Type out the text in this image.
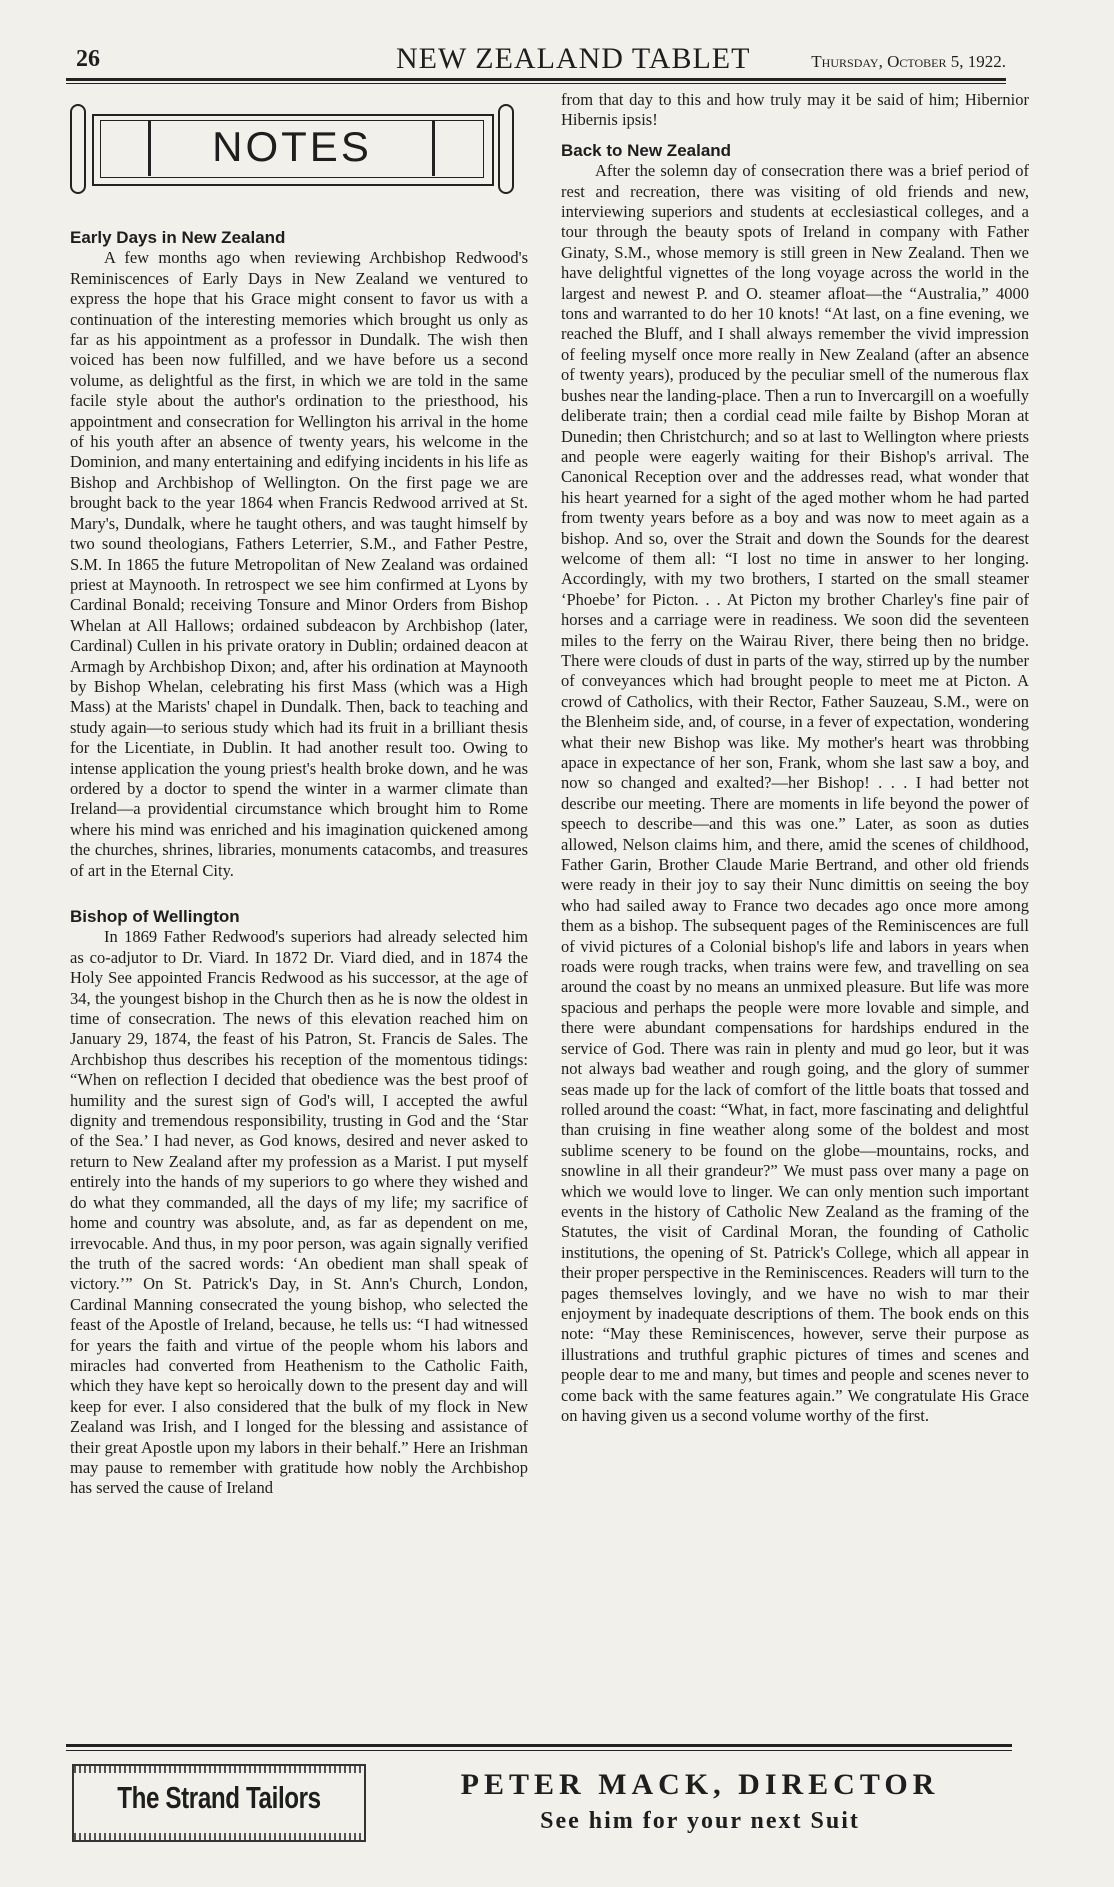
26	NEW ZEALAND TABLET	Thursday, October 5, 1922.
NOTES
Early Days in New Zealand

A few months ago when reviewing Archbishop Redwood's Reminiscences of Early Days in New Zealand we ventured to express the hope that his Grace might consent to favor us with a continuation of the interesting memories which brought us only as far as his appointment as a professor in Dundalk. The wish then voiced has been now fulfilled, and we have before us a second volume, as delightful as the first, in which we are told in the same facile style about the author's ordination to the priesthood, his appointment and consecration for Wellington his arrival in the home of his youth after an absence of twenty years, his welcome in the Dominion, and many entertaining and edifying incidents in his life as Bishop and Archbishop of Wellington. On the first page we are brought back to the year 1864 when Francis Redwood arrived at St. Mary's, Dundalk, where he taught others, and was taught himself by two sound theologians, Fathers Leterrier, S.M., and Father Pestre, S.M. In 1865 the future Metropolitan of New Zealand was ordained priest at Maynooth. In retrospect we see him confirmed at Lyons by Cardinal Bonald; receiving Tonsure and Minor Orders from Bishop Whelan at All Hallows; ordained subdeacon by Archbishop (later, Cardinal) Cullen in his private oratory in Dublin; ordained deacon at Armagh by Archbishop Dixon; and, after his ordination at Maynooth by Bishop Whelan, celebrating his first Mass (which was a High Mass) at the Marists' chapel in Dundalk. Then, back to teaching and study again—to serious study which had its fruit in a brilliant thesis for the Licentiate, in Dublin. It had another result too. Owing to intense application the young priest's health broke down, and he was ordered by a doctor to spend the winter in a warmer climate than Ireland—a providential circumstance which brought him to Rome where his mind was enriched and his imagination quickened among the churches, shrines, libraries, monuments catacombs, and treasures of art in the Eternal City.

Bishop of Wellington

In 1869 Father Redwood's superiors had already selected him as co-adjutor to Dr. Viard. In 1872 Dr. Viard died, and in 1874 the Holy See appointed Francis Redwood as his successor, at the age of 34, the youngest bishop in the Church then as he is now the oldest in time of consecration. The news of this elevation reached him on January 29, 1874, the feast of his Patron, St. Francis de Sales. The Archbishop thus describes his reception of the momentous tidings: “When on reflection I decided that obedience was the best proof of humility and the surest sign of God's will, I accepted the awful dignity and tremendous responsibility, trusting in God and the ‘Star of the Sea.’ I had never, as God knows, desired and never asked to return to New Zealand after my profession as a Marist. I put myself entirely into the hands of my superiors to go where they wished and do what they commanded, all the days of my life; my sacrifice of home and country was absolute, and, as far as dependent on me, irrevocable. And thus, in my poor person, was again signally verified the truth of the sacred words: ‘An obedient man shall speak of victory.’” On St. Patrick's Day, in St. Ann's Church, London, Cardinal Manning consecrated the young bishop, who selected the feast of the Apostle of Ireland, because, he tells us: “I had witnessed for years the faith and virtue of the people whom his labors and miracles had converted from Heathenism to the Catholic Faith, which they have kept so heroically down to the present day and will keep for ever. I also considered that the bulk of my flock in New Zealand was Irish, and I longed for the blessing and assistance of their great Apostle upon my labors in their behalf.” Here an Irishman may pause to remember with gratitude how nobly the Archbishop has served the cause of Ireland

from that day to this and how truly may it be said of him; Hibernior Hibernis ipsis!

Back to New Zealand

After the solemn day of consecration there was a brief period of rest and recreation, there was visiting of old friends and new, interviewing superiors and students at ecclesiastical colleges, and a tour through the beauty spots of Ireland in company with Father Ginaty, S.M., whose memory is still green in New Zealand. Then we have delightful vignettes of the long voyage across the world in the largest and newest P. and O. steamer afloat—the “Australia,” 4000 tons and warranted to do her 10 knots! “At last, on a fine evening, we reached the Bluff, and I shall always remember the vivid impression of feeling myself once more really in New Zealand (after an absence of twenty years), produced by the peculiar smell of the numerous flax bushes near the landing-place. Then a run to Invercargill on a woefully deliberate train; then a cordial cead mile failte by Bishop Moran at Dunedin; then Christchurch; and so at last to Wellington where priests and people were eagerly waiting for their Bishop's arrival. The Canonical Reception over and the addresses read, what wonder that his heart yearned for a sight of the aged mother whom he had parted from twenty years before as a boy and was now to meet again as a bishop. And so, over the Strait and down the Sounds for the dearest welcome of them all: “I lost no time in answer to her longing. Accordingly, with my two brothers, I started on the small steamer ‘Phoebe’ for Picton. . . At Picton my brother Charley's fine pair of horses and a carriage were in readiness. We soon did the seventeen miles to the ferry on the Wairau River, there being then no bridge. There were clouds of dust in parts of the way, stirred up by the number of conveyances which had brought people to meet me at Picton. A crowd of Catholics, with their Rector, Father Sauzeau, S.M., were on the Blenheim side, and, of course, in a fever of expectation, wondering what their new Bishop was like. My mother's heart was throbbing apace in expectance of her son, Frank, whom she last saw a boy, and now so changed and exalted?—her Bishop! . . . I had better not describe our meeting. There are moments in life beyond the power of speech to describe—and this was one.” Later, as soon as duties allowed, Nelson claims him, and there, amid the scenes of childhood, Father Garin, Brother Claude Marie Bertrand, and other old friends were ready in their joy to say their Nunc dimittis on seeing the boy who had sailed away to France two decades ago once more among them as a bishop. The subsequent pages of the Reminiscences are full of vivid pictures of a Colonial bishop's life and labors in years when roads were rough tracks, when trains were few, and travelling on sea around the coast by no means an unmixed pleasure. But life was more spacious and perhaps the people were more lovable and simple, and there were abundant compensations for hardships endured in the service of God. There was rain in plenty and mud go leor, but it was not always bad weather and rough going, and the glory of summer seas made up for the lack of comfort of the little boats that tossed and rolled around the coast: “What, in fact, more fascinating and delightful than cruising in fine weather along some of the boldest and most sublime scenery to be found on the globe—mountains, rocks, and snowline in all their grandeur?” We must pass over many a page on which we would love to linger. We can only mention such important events in the history of Catholic New Zealand as the framing of the Statutes, the visit of Cardinal Moran, the founding of Catholic institutions, the opening of St. Patrick's College, which all appear in their proper perspective in the Reminiscences. Readers will turn to the pages themselves lovingly, and we have no wish to mar their enjoyment by inadequate descriptions of them. The book ends on this note: “May these Reminiscences, however, serve their purpose as illustrations and truthful graphic pictures of times and scenes and people dear to me and many, but times and people and scenes never to come back with the same features again.” We congratulate His Grace on having given us a second volume worthy of the first.

The Strand Tailors	PETER MACK, DIRECTOR
See him for your next Suit
